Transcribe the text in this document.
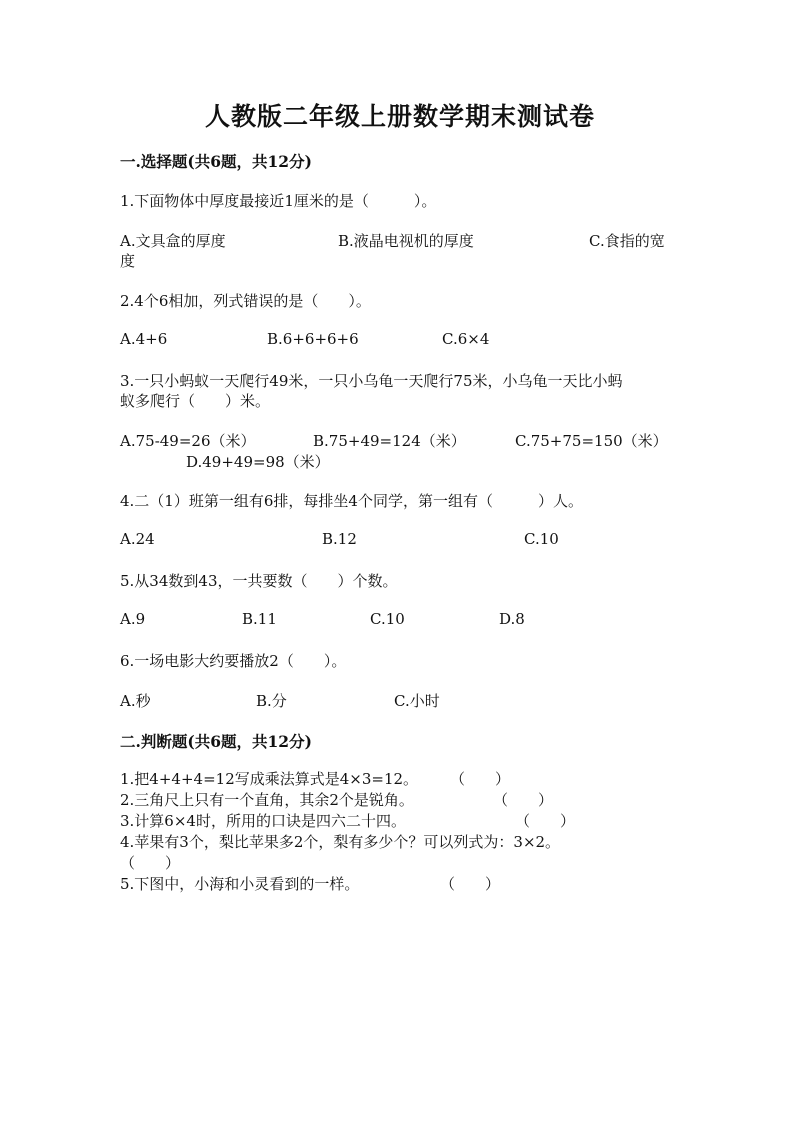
人教版二年级上册数学期末测试卷
一.选择题(共6题，共12分)
1.下面物体中厚度最接近1厘米的是（　　　）。
A.文具盒的厚度	B.液晶电视机的厚度	C.食指的宽
度
2.4个6相加，列式错误的是（　　）。
A.4+6	B.6+6+6+6	C.6×4
3.一只小蚂蚁一天爬行49米，一只小乌龟一天爬行75米，小乌龟一天比小蚂
蚁多爬行（　　）米。
A.75-49=26（米）	B.75+49=124（米）	C.75+75=150（米）
D.49+49=98（米）
4.二（1）班第一组有6排，每排坐4个同学，第一组有（　　　）人。
A.24	B.12	C.10
5.从34数到43，一共要数（　　）个数。
A.9	B.11	C.10	D.8
6.一场电影大约要播放2（　　）。
A.秒	B.分	C.小时
二.判断题(共6题，共12分)
1.把4+4+4=12写成乘法算式是4×3=12。 （　　）
2.三角尺上只有一个直角，其余2个是锐角。	（　　）
3.计算6×4时，所用的口诀是四六二十四。	（　　）
4.苹果有3个，梨比苹果多2个，梨有多少个？可以列式为：3×2。
（　　）
5.下图中，小海和小灵看到的一样。	（　　）
